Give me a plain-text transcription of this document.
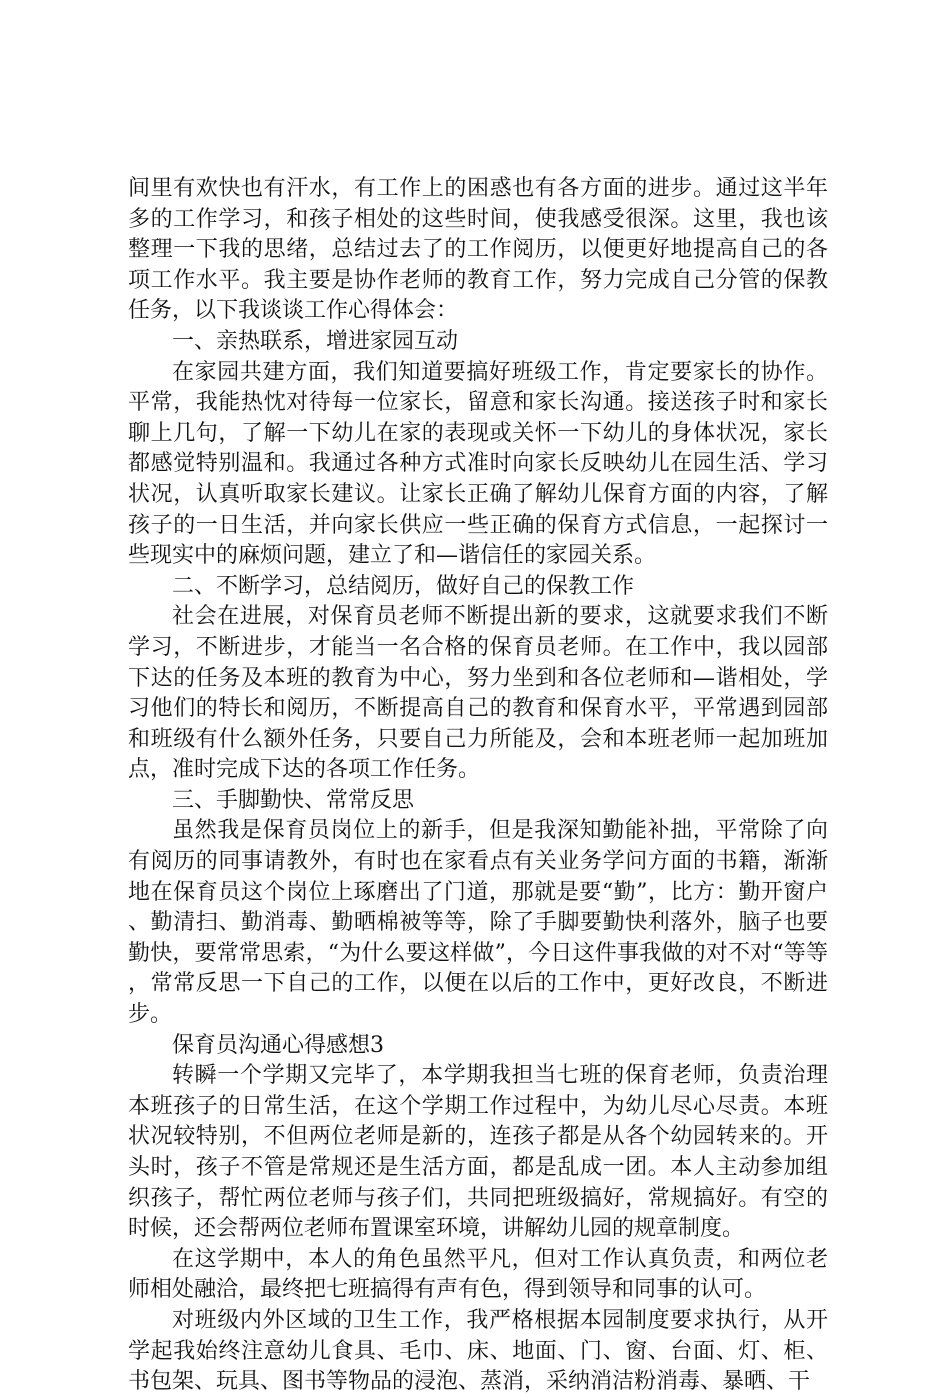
间里有欢快也有汗水，有工作上的困惑也有各方面的进步。通过这半年多的工作学习，和孩子相处的这些时间，使我感受很深。这里，我也该整理一下我的思绪，总结过去了的工作阅历，以便更好地提高自己的各项工作水平。我主要是协作老师的教育工作，努力完成自己分管的保教任务，以下我谈谈工作心得体会：

一、亲热联系，增进家园互动

在家园共建方面，我们知道要搞好班级工作，肯定要家长的协作。平常，我能热忱对待每一位家长，留意和家长沟通。接送孩子时和家长聊上几句，了解一下幼儿在家的表现或关怀一下幼儿的身体状况，家长都感觉特别温和。我通过各种方式准时向家长反映幼儿在园生活、学习状况，认真听取家长建议。让家长正确了解幼儿保育方面的内容，了解孩子的一日生活，并向家长供应一些正确的保育方式信息，一起探讨一些现实中的麻烦问题，建立了和—谐信任的家园关系。

二、不断学习，总结阅历，做好自己的保教工作

社会在进展，对保育员老师不断提出新的要求，这就要求我们不断学习，不断进步，才能当一名合格的保育员老师。在工作中，我以园部下达的任务及本班的教育为中心，努力坐到和各位老师和—谐相处，学习他们的特长和阅历，不断提高自己的教育和保育水平，平常遇到园部和班级有什么额外任务，只要自己力所能及，会和本班老师一起加班加点，准时完成下达的各项工作任务。

三、手脚勤快、常常反思

虽然我是保育员岗位上的新手，但是我深知勤能补拙，平常除了向有阅历的同事请教外，有时也在家看点有关业务学问方面的书籍，渐渐地在保育员这个岗位上琢磨出了门道，那就是要“勤”，比方：勤开窗户、勤清扫、勤消毒、勤晒棉被等等，除了手脚要勤快利落外，脑子也要勤快，要常常思索，“为什么要这样做”，今日这件事我做的对不对“等等，常常反思一下自己的工作，以便在以后的工作中，更好改良，不断进步。

保育员沟通心得感想3

转瞬一个学期又完毕了，本学期我担当七班的保育老师，负责治理本班孩子的日常生活，在这个学期工作过程中，为幼儿尽心尽责。本班状况较特别，不但两位老师是新的，连孩子都是从各个幼园转来的。开头时，孩子不管是常规还是生活方面，都是乱成一团。本人主动参加组织孩子，帮忙两位老师与孩子们，共同把班级搞好，常规搞好。有空的时候，还会帮两位老师布置课室环境，讲解幼儿园的规章制度。

在这学期中，本人的角色虽然平凡，但对工作认真负责，和两位老师相处融洽，最终把七班搞得有声有色，得到领导和同事的认可。

对班级内外区域的卫生工作，我严格根据本园制度要求执行，从开学起我始终注意幼儿食具、毛巾、床、地面、门、窗、台面、灯、柜、书包架、玩具、图书等物品的浸泡、蒸消，采纳消洁粉消毒、暴晒、干
